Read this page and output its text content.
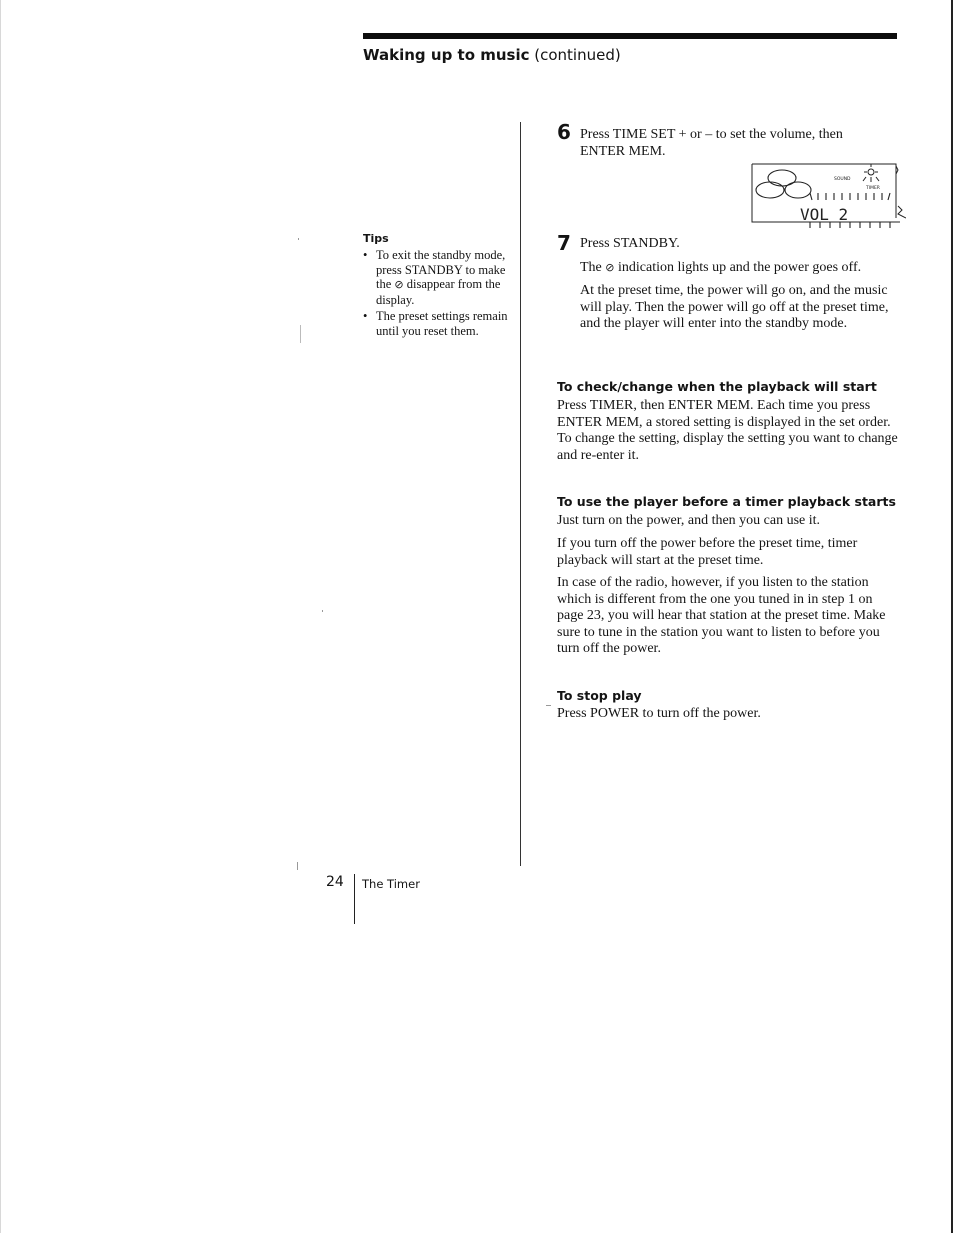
Waking up to music (continued)
Tips
• To exit the standby mode, press STANDBY to make the ⊘ disappear from the display.
• The preset settings remain until you reset them.
6 Press TIME SET + or – to set the volume, then
ENTER MEM.
SOUND
TIMER
VOL 2
7 Press STANDBY.
The ⊘ indication lights up and the power goes off.
At the preset time, the power will go on, and the music will play. Then the power will go off at the preset time, and the player will enter into the standby mode.
To check/change when the playback will start
Press TIMER, then ENTER MEM. Each time you press ENTER MEM, a stored setting is displayed in the set order. To change the setting, display the setting you want to change and re-enter it.
To use the player before a timer playback starts
Just turn on the power, and then you can use it.
If you turn off the power before the preset time, timer playback will start at the preset time.
In case of the radio, however, if you listen to the station which is different from the one you tuned in in step 1 on page 23, you will hear that station at the preset time. Make sure to tune in the station you want to listen to before you turn off the power.
To stop play
Press POWER to turn off the power.
24 The Timer
